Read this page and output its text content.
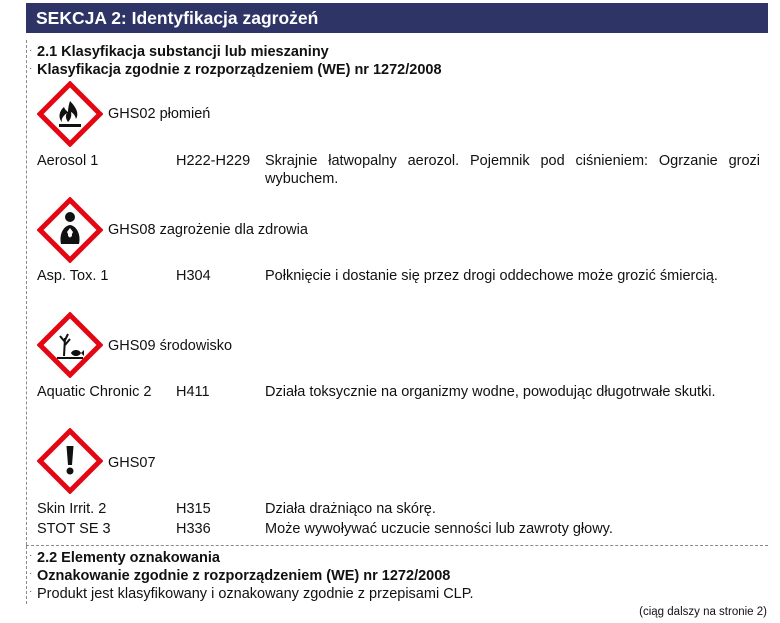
SEKCJA 2: Identyfikacja zagrożeń
·
·
·
·
·
2.1 Klasyfikacja substancji lub mieszaniny
Klasyfikacja zgodnie z rozporządzeniem (WE) nr 1272/2008
GHS02 płomień
Aerosol 1	H222-H229 Skrajnie łatwopalny aerozol. Pojemnik pod ciśnieniem: Ogrzanie grozi wybuchem.
GHS08 zagrożenie dla zdrowia
Asp. Tox. 1	H304	Połknięcie i dostanie się przez drogi oddechowe może grozić śmiercią.
GHS09 środowisko
Aquatic Chronic 2 H411	Działa toksycznie na organizmy wodne, powodując długotrwałe skutki.
GHS07
Skin Irrit. 2	H315	Działa drażniąco na skórę.
STOT SE 3	H336	Może wywoływać uczucie senności lub zawroty głowy.
2.2 Elementy oznakowania
Oznakowanie zgodnie z rozporządzeniem (WE) nr 1272/2008
Produkt jest klasyfikowany i oznakowany zgodnie z przepisami CLP.
(ciąg dalszy na stronie 2)
